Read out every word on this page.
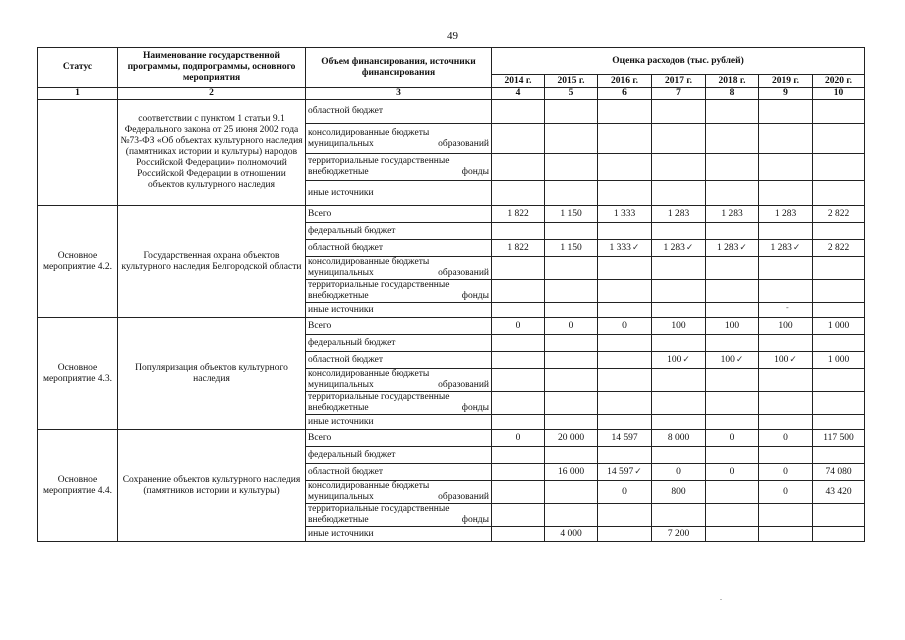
49
Статус	Наименование государственной программы, подпрограммы, основного мероприятия	Объем финансирования, источники финансирования	Оценка расходов (тыс. рублей)						
			2014 г.	2015 г.	2016 г.	2017 г.	2018 г.	2019 г.	2020 г.
1	2	3	4	5	6	7	8	9	10
	соответствии с пунктом 1 статьи 9.1 Федерального закона от 25 июня 2002 года №73-ФЗ «Об объектах культурного наследия (памятниках истории и культуры) народов Российской Федерации» полномочий Российской Федерации в отношении объектов культурного наследия	областной бюджет							
		консолидированные бюджеты муниципальных образований							
		территориальные государственные внебюджетные фонды							
		иные источники							
Основное мероприятие 4.2.	Государственная охрана объектов культурного наследия Белгородской области	Всего	1 822	1 150	1 333	1 283	1 283	1 283	2 822
		федеральный бюджет							
		областной бюджет	1 822	1 150	1 333✓	1 283✓	1 283✓	1 283✓	2 822
		консолидированные бюджеты муниципальных образований							
		территориальные государственные внебюджетные фонды							
		иные источники							
Основное мероприятие 4.3.	Популяризация объектов культурного наследия	Всего	0	0	0	100	100	100	1 000
		федеральный бюджет							
		областной бюджет				100✓	100✓	100✓	1 000
		консолидированные бюджеты муниципальных образований							
		территориальные государственные внебюджетные фонды							
		иные источники							
Основное мероприятие 4.4.	Сохранение объектов культурного наследия (памятников истории и культуры)	Всего	0	20 000	14 597	8 000	0	0	117 500
		федеральный бюджет							
		областной бюджет		16 000	14 597✓	0	0	0	74 080
		консолидированные бюджеты муниципальных образований			0	800		0	43 420
		территориальные государственные внебюджетные фонды							
		иные источники		4 000		7 200			
-
.
